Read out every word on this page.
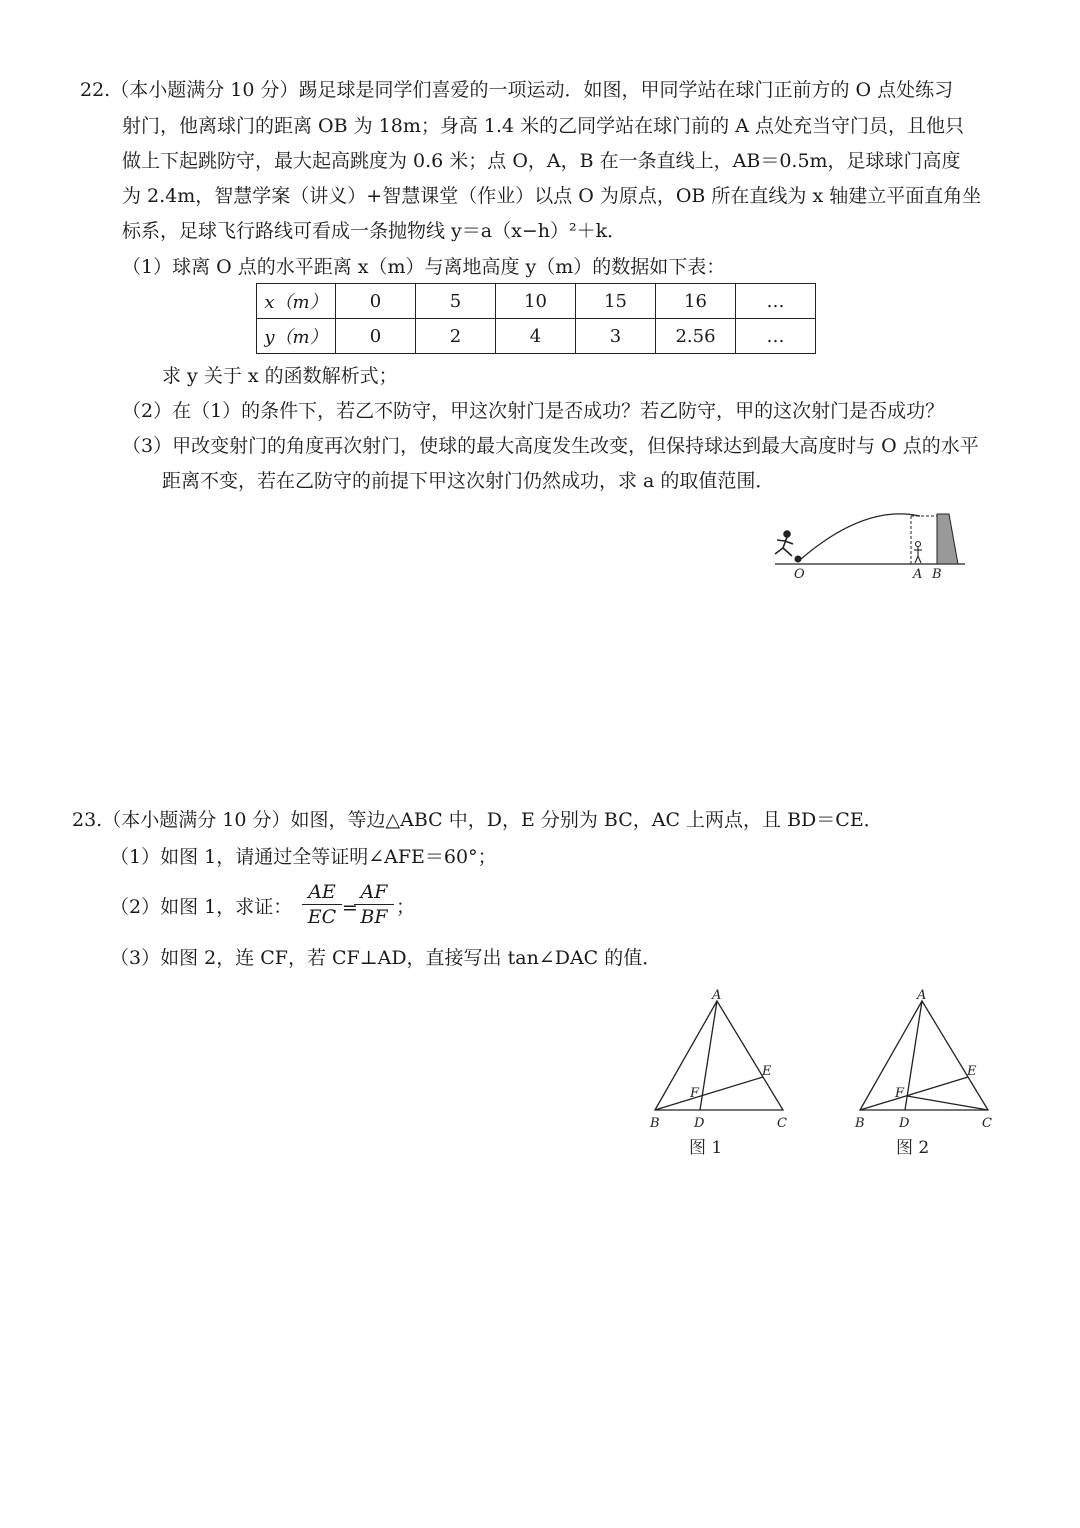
22.（本小题满分 10 分）踢足球是同学们喜爱的一项运动．如图，甲同学站在球门正前方的 O 点处练习
射门，他离球门的距离 OB 为 18m；身高 1.4 米的乙同学站在球门前的 A 点处充当守门员，且他只
做上下起跳防守，最大起高跳度为 0.6 米；点 O，A，B 在一条直线上，AB＝0.5m，足球球门高度
为 2.4m，智慧学案（讲义）+智慧课堂（作业）以点 O 为原点，OB 所在直线为 x 轴建立平面直角坐
标系，足球飞行路线可看成一条抛物线 y＝a（x−h）²＋k．
（1）球离 O 点的水平距离 x（m）与离地高度 y（m）的数据如下表：
x（m）	0	5	10	15	16	…
y（m）	0	2	4	3	2.56	…
求 y 关于 x 的函数解析式；
（2）在（1）的条件下，若乙不防守，甲这次射门是否成功？若乙防守，甲的这次射门是否成功？
（3）甲改变射门的角度再次射门，使球的最大高度发生改变，但保持球达到最大高度时与 O 点的水平
距离不变，若在乙防守的前提下甲这次射门仍然成功，求 a 的取值范围．
O	A B
23.（本小题满分 10 分）如图，等边△ABC 中，D，E 分别为 BC，AC 上两点，且 BD＝CE．
（1）如图 1，请通过全等证明∠AFE＝60°；
（2）如图 1，求证：
AE
EC =
AF
BF ；
（3）如图 2，连 CF，若 CF⊥AD，直接写出 tan∠DAC 的值．
A
B	C
D
E
F
图 1
A
B	C
D
E
F
图 2
